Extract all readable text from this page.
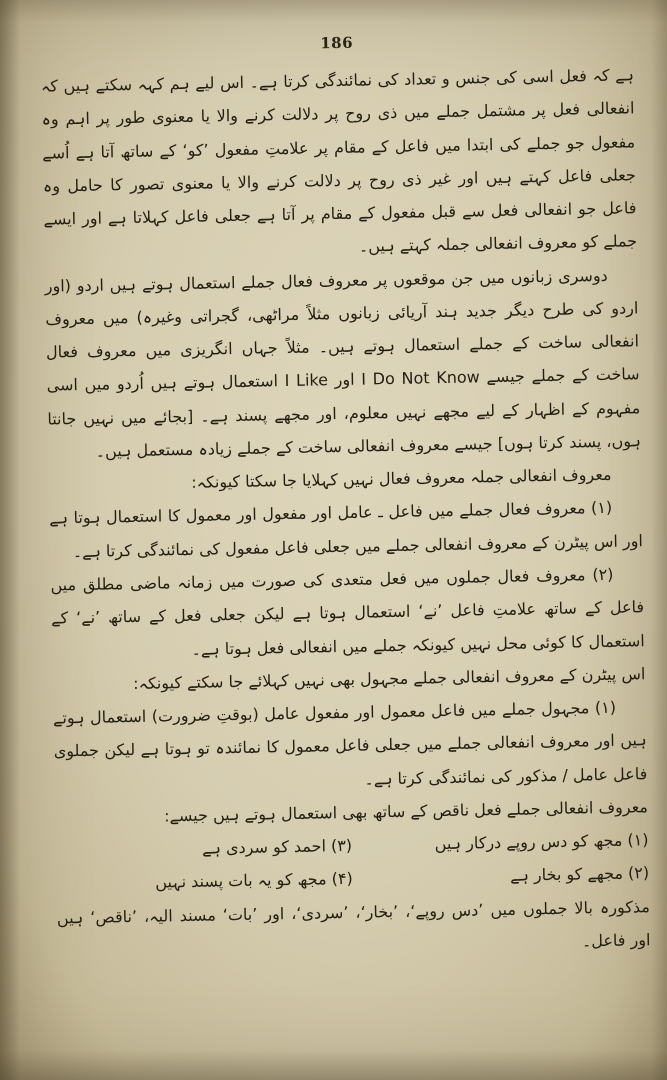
186

ہے کہ فعل اسی کی جنس و تعداد کی نمائندگی کرتا ہے۔ اس لیے ہم کہہ سکتے ہیں کہ انفعالی فعل پر مشتمل جملے میں ذی روح پر دلالت کرنے والا یا معنوی طور پر اہم وہ مفعول جو جملے کی ابتدا میں فاعل کے مقام پر علامتِ مفعول ’کو‘ کے ساتھ آتا ہے اُسے جعلی فاعل کہتے ہیں اور غیر ذی روح پر دلالت کرنے والا یا معنوی تصور کا حامل وہ فاعل جو انفعالی فعل سے قبل مفعول کے مقام پر آتا ہے جعلی فاعل کہلاتا ہے اور ایسے جملے کو معروف انفعالی جملہ کہتے ہیں۔

دوسری زبانوں میں جن موقعوں پر معروف فعال جملے استعمال ہوتے ہیں اردو (اور اردو کی طرح دیگر جدید ہند آریائی زبانوں مثلاً مراٹھی، گجراتی وغیرہ) میں معروف انفعالی ساخت کے جملے استعمال ہوتے ہیں۔ مثلاً جہاں انگریزی میں معروف فعال ساخت کے جملے جیسے I Do Not Know اور I Like استعمال ہوتے ہیں اُردو میں اسی مفہوم کے اظہار کے لیے مجھے نہیں معلوم، اور مجھے پسند ہے۔ [بجائے میں نہیں جانتا ہوں، پسند کرتا ہوں] جیسے معروف انفعالی ساخت کے جملے زیادہ مستعمل ہیں۔

معروف انفعالی جملہ معروف فعال نہیں کہلایا جا سکتا کیونکہ:

(۱) معروف فعال جملے میں فاعل ـ عامل اور مفعول اور معمول کا استعمال ہوتا ہے اور اس پیٹرن کے معروف انفعالی جملے میں جعلی فاعل مفعول کی نمائندگی کرتا ہے۔

(۲) معروف فعال جملوں میں فعل متعدی کی صورت میں زمانہ ماضی مطلق میں فاعل کے ساتھ علامتِ فاعل ’نے‘ استعمال ہوتا ہے لیکن جعلی فعل کے ساتھ ’نے‘ کے استعمال کا کوئی محل نہیں کیونکہ جملے میں انفعالی فعل ہوتا ہے۔

اس پیٹرن کے معروف انفعالی جملے مجہول بھی نہیں کہلائے جا سکتے کیونکہ:

(۱) مجہول جملے میں فاعل معمول اور مفعول عامل (بوقتِ ضرورت) استعمال ہوتے ہیں اور معروف انفعالی جملے میں جعلی فاعل معمول کا نمائندہ تو ہوتا ہے لیکن جملوی فاعل عامل / مذکور کی نمائندگی کرتا ہے۔

معروف انفعالی جملے فعل ناقص کے ساتھ بھی استعمال ہوتے ہیں جیسے:

(۱) مجھ کو دس روپے درکار ہیں

(۲) مجھے کو بخار ہے

(۳) احمد کو سردی ہے

(۴) مجھ کو یہ بات پسند نہیں

مذکورہ بالا جملوں میں ’دس روپے‘، ’بخار‘، ’سردی‘، اور ’بات‘ مسند الیہ، ’ناقص‘ ہیں اور فاعل۔
